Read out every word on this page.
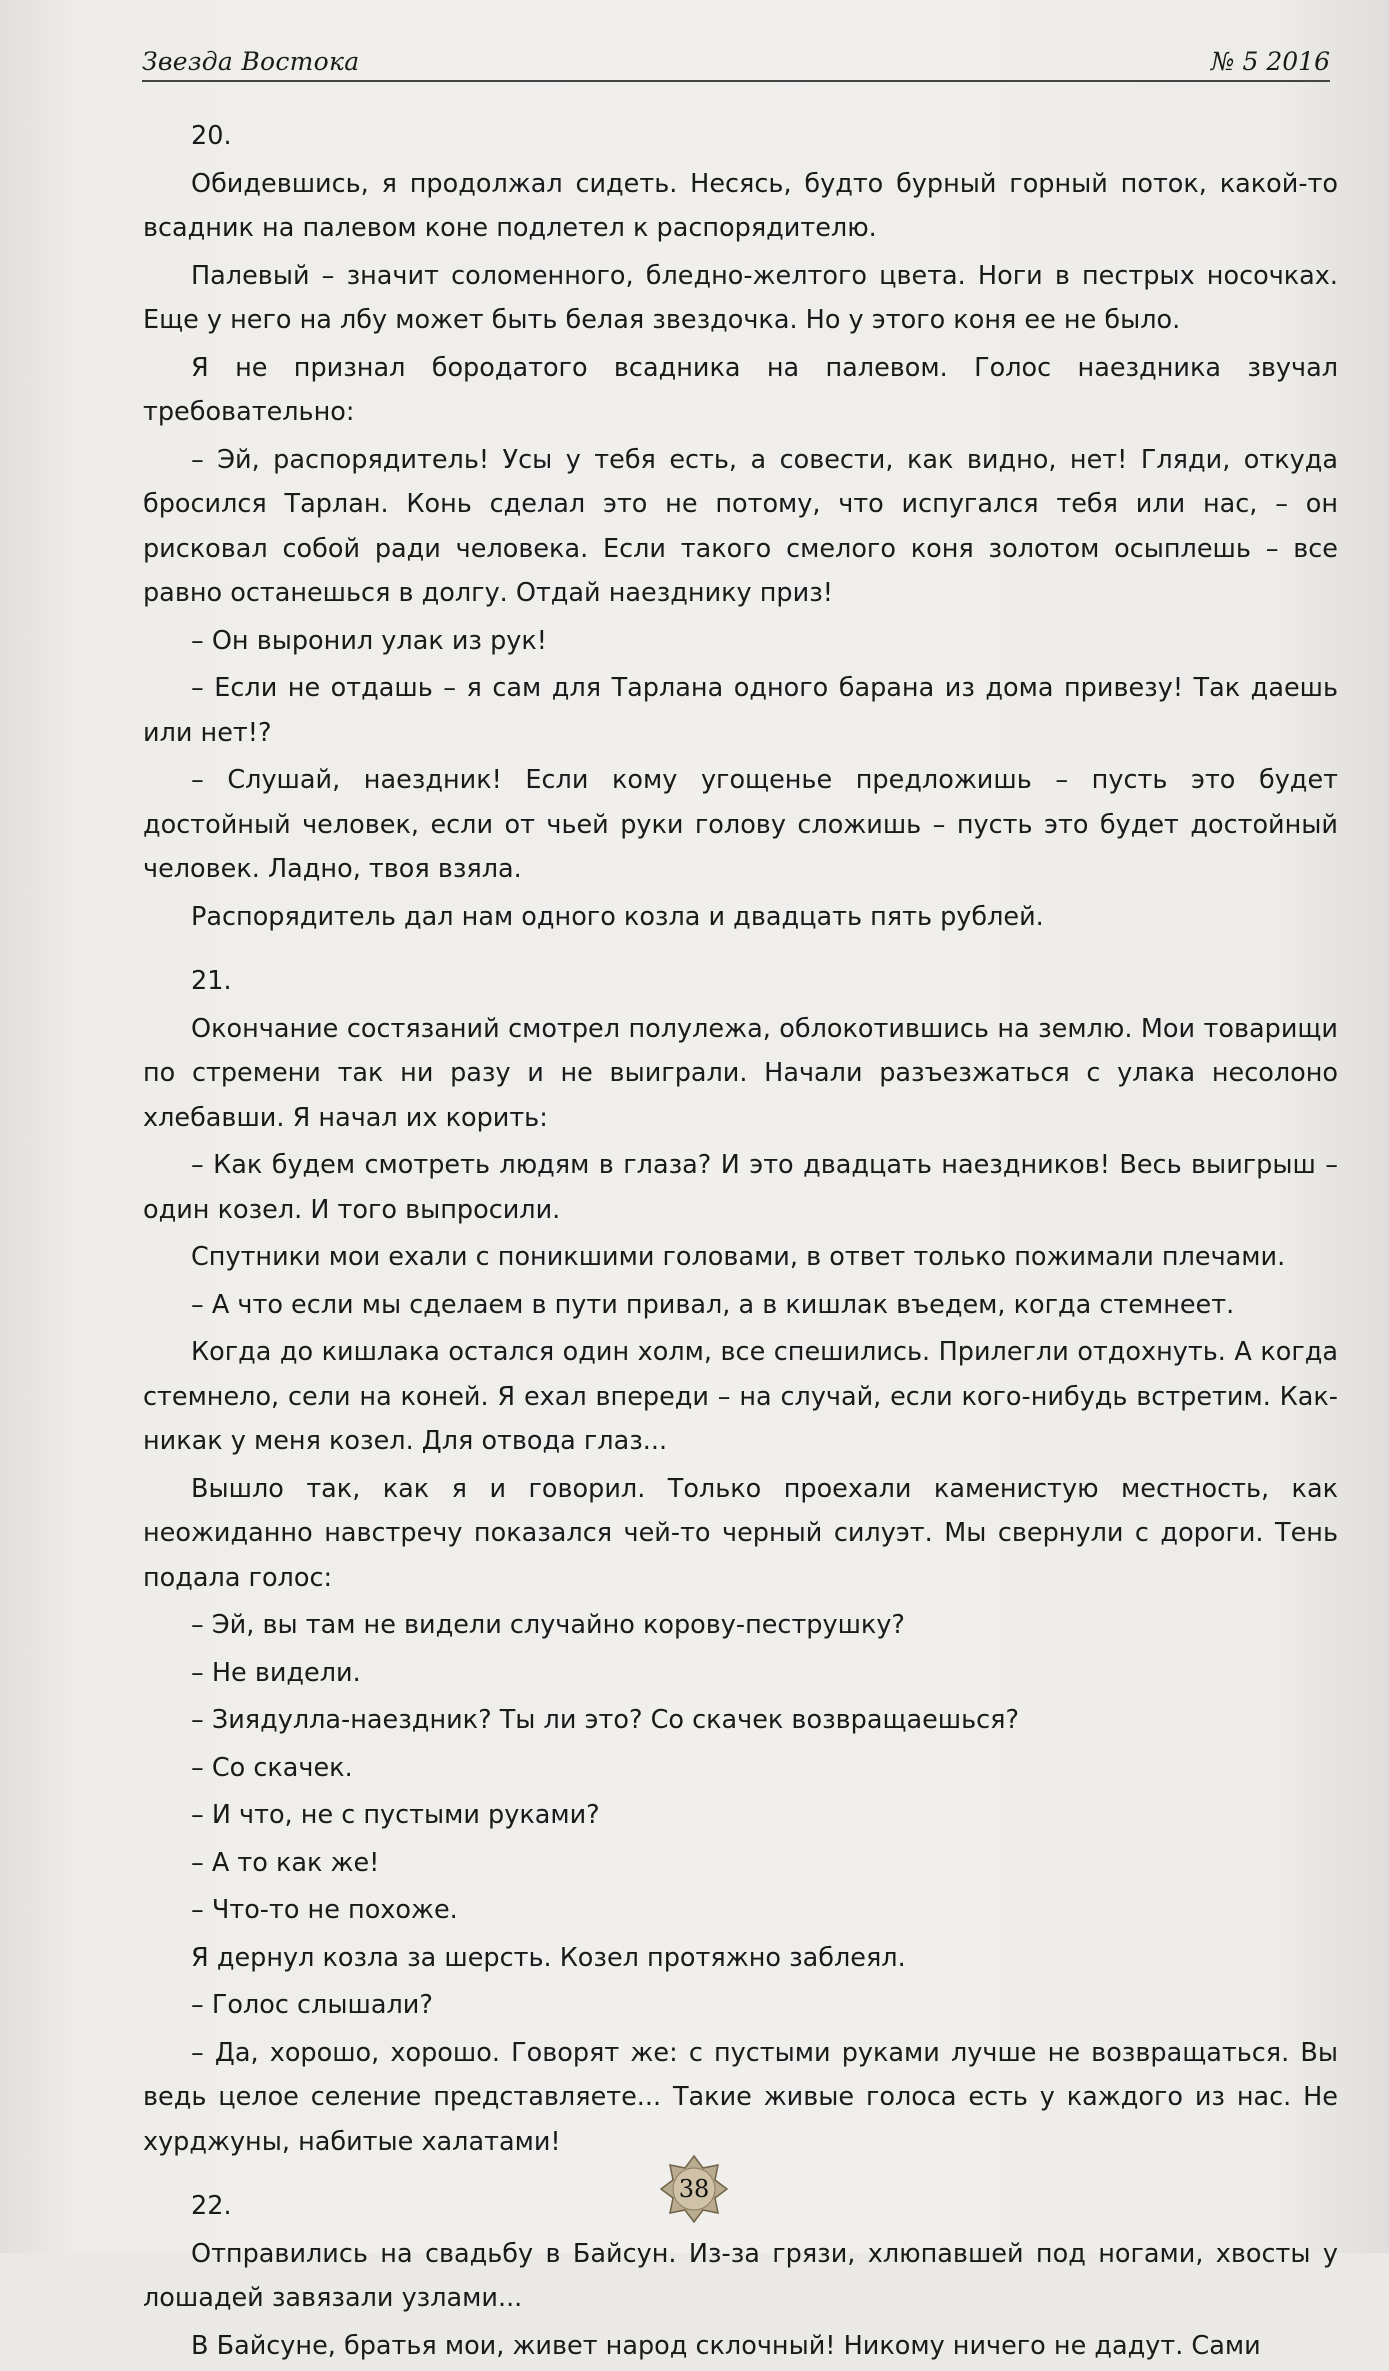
Звезда Востока	№ 5 2016

20.

Обидевшись, я продолжал сидеть. Несясь, будто бурный горный поток, какой-то всадник на палевом коне подлетел к распорядителю.

Палевый – значит соломенного, бледно-желтого цвета. Ноги в пестрых носочках. Еще у него на лбу может быть белая звездочка. Но у этого коня ее не было.

Я не признал бородатого всадника на палевом. Голос наездника звучал требовательно:

– Эй, распорядитель! Усы у тебя есть, а совести, как видно, нет! Гляди, откуда бросился Тарлан. Конь сделал это не потому, что испугался тебя или нас, – он рисковал собой ради человека. Если такого смелого коня золотом осыплешь – все равно останешься в долгу. Отдай наезднику приз!

– Он выронил улак из рук!

– Если не отдашь – я сам для Тарлана одного барана из дома привезу! Так даешь или нет!?

– Слушай, наездник! Если кому угощенье предложишь – пусть это будет достойный человек, если от чьей руки голову сложишь – пусть это будет достойный человек. Ладно, твоя взяла.

Распорядитель дал нам одного козла и двадцать пять рублей.

21.

Окончание состязаний смотрел полулежа, облокотившись на землю. Мои товарищи по стремени так ни разу и не выиграли. Начали разъезжаться с улака несолоно хлебавши. Я начал их корить:

– Как будем смотреть людям в глаза? И это двадцать наездников! Весь выигрыш – один козел. И того выпросили.

Спутники мои ехали с поникшими головами, в ответ только пожимали плечами.

– А что если мы сделаем в пути привал, а в кишлак въедем, когда стемнеет.

Когда до кишлака остался один холм, все спешились. Прилегли отдохнуть. А когда стемнело, сели на коней. Я ехал впереди – на случай, если кого-нибудь встретим. Как-никак у меня козел. Для отвода глаз...

Вышло так, как я и говорил. Только проехали каменистую местность, как неожиданно навстречу показался чей-то черный силуэт. Мы свернули с дороги. Тень подала голос:

– Эй, вы там не видели случайно корову-пеструшку?

– Не видели.

– Зиядулла-наездник? Ты ли это? Со скачек возвращаешься?

– Со скачек.

– И что, не с пустыми руками?

– А то как же!

– Что-то не похоже.

Я дернул козла за шерсть. Козел протяжно заблеял.

– Голос слышали?

– Да, хорошо, хорошо. Говорят же: с пустыми руками лучше не возвращаться. Вы ведь целое селение представляете... Такие живые голоса есть у каждого из нас. Не хурджуны, набитые халатами!

22.

Отправились на свадьбу в Байсун. Из-за грязи, хлюпавшей под ногами, хвосты у лошадей завязали узлами...

В Байсуне, братья мои, живет народ склочный! Никому ничего не дадут. Сами

38
